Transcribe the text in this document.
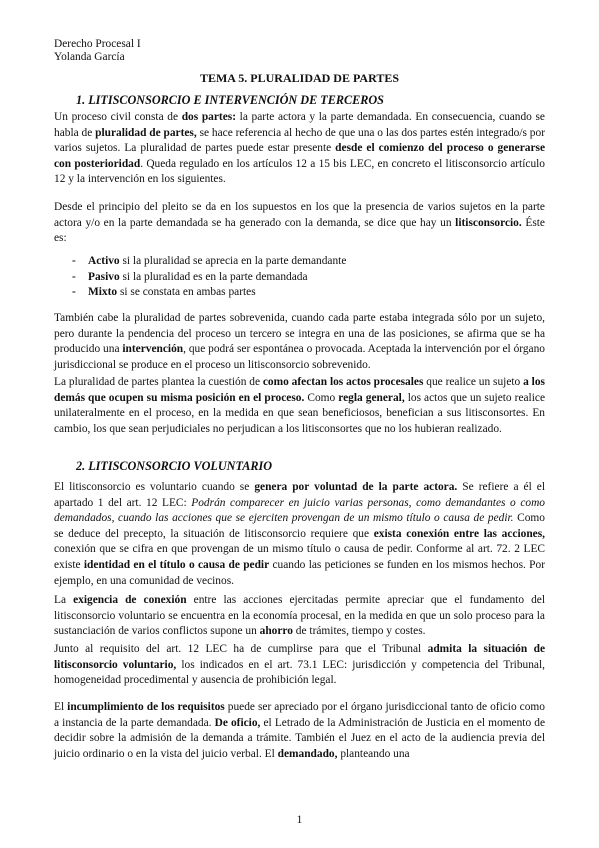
Derecho Procesal I
Yolanda García
TEMA 5. PLURALIDAD DE PARTES
1. LITISCONSORCIO E INTERVENCIÓN DE TERCEROS

Un proceso civil consta de dos partes: la parte actora y la parte demandada. En consecuencia, cuando se habla de pluralidad de partes, se hace referencia al hecho de que una o las dos partes estén integrado/s por varios sujetos. La pluralidad de partes puede estar presente desde el comienzo del proceso o generarse con posterioridad. Queda regulado en los artículos 12 a 15 bis LEC, en concreto el litisconsorcio artículo 12 y la intervención en los siguientes.

Desde el principio del pleito se da en los supuestos en los que la presencia de varios sujetos en la parte actora y/o en la parte demandada se ha generado con la demanda, se dice que hay un litisconsorcio. Éste es:

- Activo si la pluralidad se aprecia en la parte demandante
- Pasivo si la pluralidad es en la parte demandada
- Mixto si se constata en ambas partes

También cabe la pluralidad de partes sobrevenida, cuando cada parte estaba integrada sólo por un sujeto, pero durante la pendencia del proceso un tercero se integra en una de las posiciones, se afirma que se ha producido una intervención, que podrá ser espontánea o provocada. Aceptada la intervención por el órgano jurisdiccional se produce en el proceso un litisconsorcio sobrevenido.

La pluralidad de partes plantea la cuestión de como afectan los actos procesales que realice un sujeto a los demás que ocupen su misma posición en el proceso. Como regla general, los actos que un sujeto realice unilateralmente en el proceso, en la medida en que sean beneficiosos, benefician a sus litisconsortes. En cambio, los que sean perjudiciales no perjudican a los litisconsortes que no los hubieran realizado.

2. LITISCONSORCIO VOLUNTARIO

El litisconsorcio es voluntario cuando se genera por voluntad de la parte actora. Se refiere a él el apartado 1 del art. 12 LEC: Podrán comparecer en juicio varias personas, como demandantes o como demandados, cuando las acciones que se ejerciten provengan de un mismo título o causa de pedir. Como se deduce del precepto, la situación de litisconsorcio requiere que exista conexión entre las acciones, conexión que se cifra en que provengan de un mismo título o causa de pedir. Conforme al art. 72. 2 LEC existe identidad en el título o causa de pedir cuando las peticiones se funden en los mismos hechos. Por ejemplo, en una comunidad de vecinos.

La exigencia de conexión entre las acciones ejercitadas permite apreciar que el fundamento del litisconsorcio voluntario se encuentra en la economía procesal, en la medida en que un solo proceso para la sustanciación de varios conflictos supone un ahorro de trámites, tiempo y costes.

Junto al requisito del art. 12 LEC ha de cumplirse para que el Tribunal admita la situación de litisconsorcio voluntario, los indicados en el art. 73.1 LEC: jurisdicción y competencia del Tribunal, homogeneidad procedimental y ausencia de prohibición legal.

El incumplimiento de los requisitos puede ser apreciado por el órgano jurisdiccional tanto de oficio como a instancia de la parte demandada. De oficio, el Letrado de la Administración de Justicia en el momento de decidir sobre la admisión de la demanda a trámite. También el Juez en el acto de la audiencia previa del juicio ordinario o en la vista del juicio verbal. El demandado, planteando una

1
